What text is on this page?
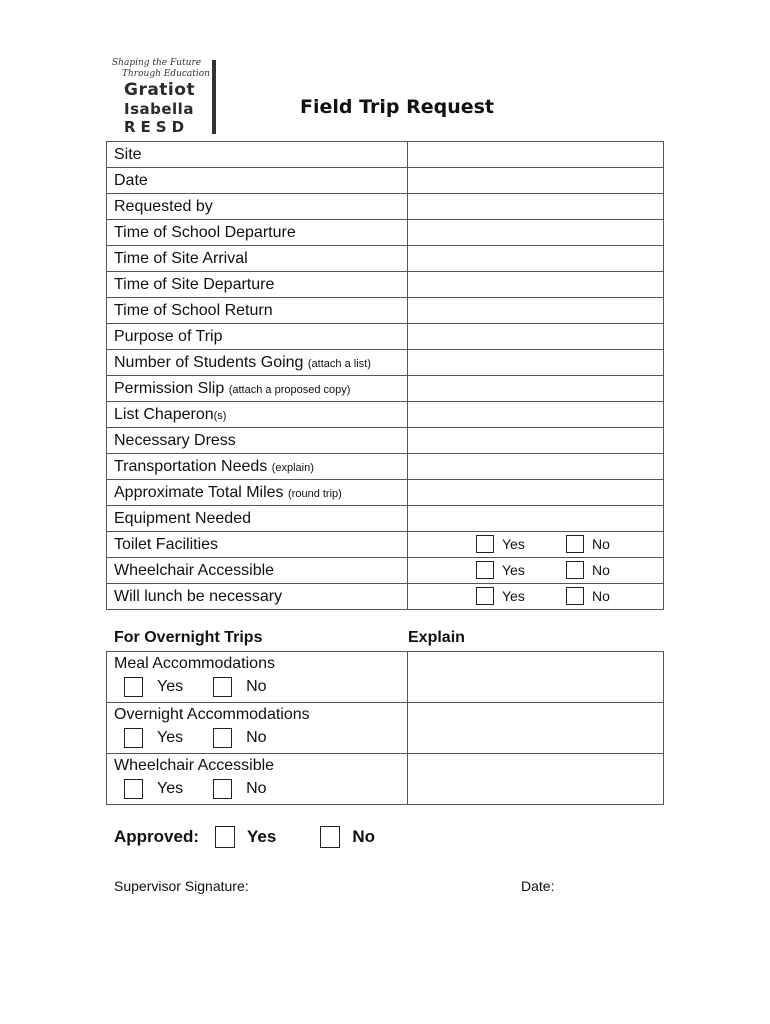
Shaping the Future
Through Education
Gratiot
Isabella
RESD
Field Trip Request
Site	
Date	
Requested by	
Time of School Departure	
Time of Site Arrival	
Time of Site Departure	
Time of School Return	
Purpose of Trip	
Number of Students Going (attach a list)	
Permission Slip (attach a proposed copy)	
List Chaperon(s)	
Necessary Dress	
Transportation Needs (explain)	
Approximate Total Miles (round trip)	
Equipment Needed	
Toilet Facilities	Yes No

Wheelchair Accessible	Yes No

Will lunch be necessary	Yes No
For Overnight Trips	Explain
Meal Accommodations
Yes No	

Overnight Accommodations
Yes No	

Wheelchair Accessible
Yes No	

Approved:	Yes	No
Supervisor Signature:	Date:
